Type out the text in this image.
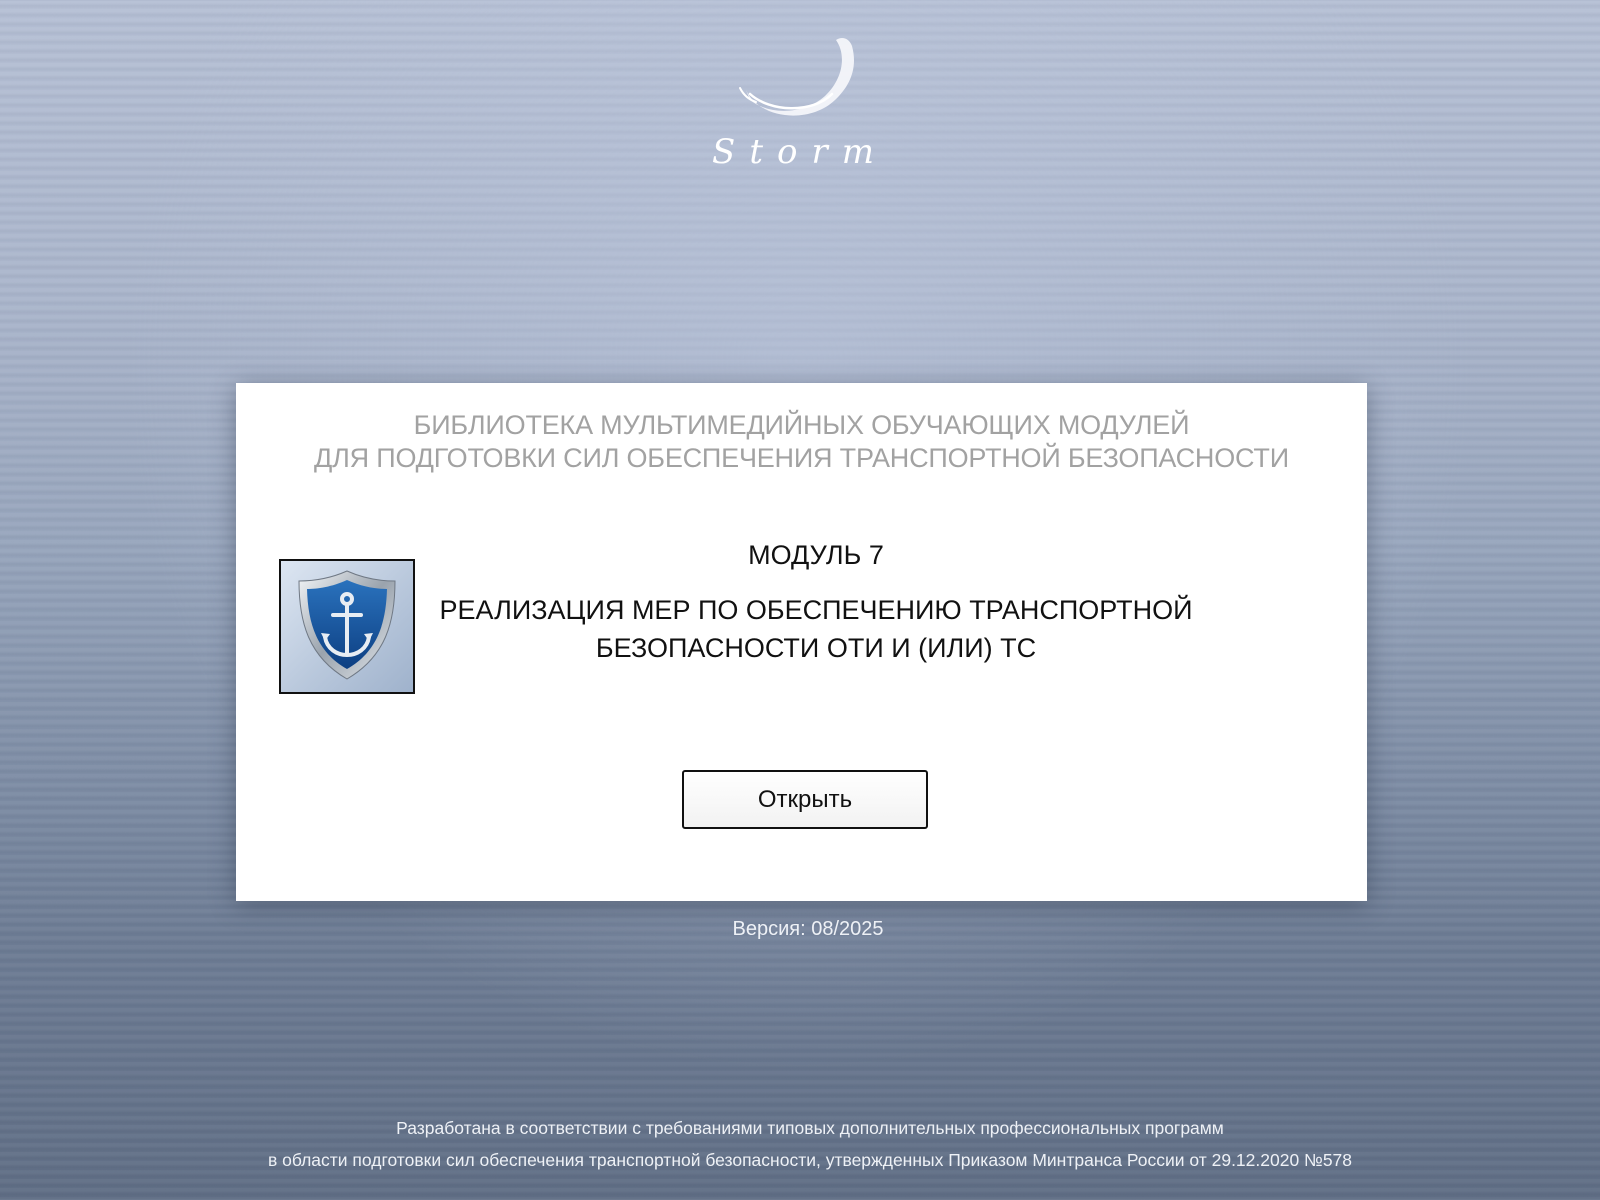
Storm
БИБЛИОТЕКА МУЛЬТИМЕДИЙНЫХ ОБУЧАЮЩИХ МОДУЛЕЙ
ДЛЯ ПОДГОТОВКИ СИЛ ОБЕСПЕЧЕНИЯ ТРАНСПОРТНОЙ БЕЗОПАСНОСТИ
МОДУЛЬ 7
РЕАЛИЗАЦИЯ МЕР ПО ОБЕСПЕЧЕНИЮ ТРАНСПОРТНОЙ
БЕЗОПАСНОСТИ ОТИ И (ИЛИ) ТС
Открыть
Версия: 08/2025
Разработана в соответствии с требованиями типовых дополнительных профессиональных программ
в области подготовки сил обеспечения транспортной безопасности, утвержденных Приказом Минтранса России от 29.12.2020 №578
